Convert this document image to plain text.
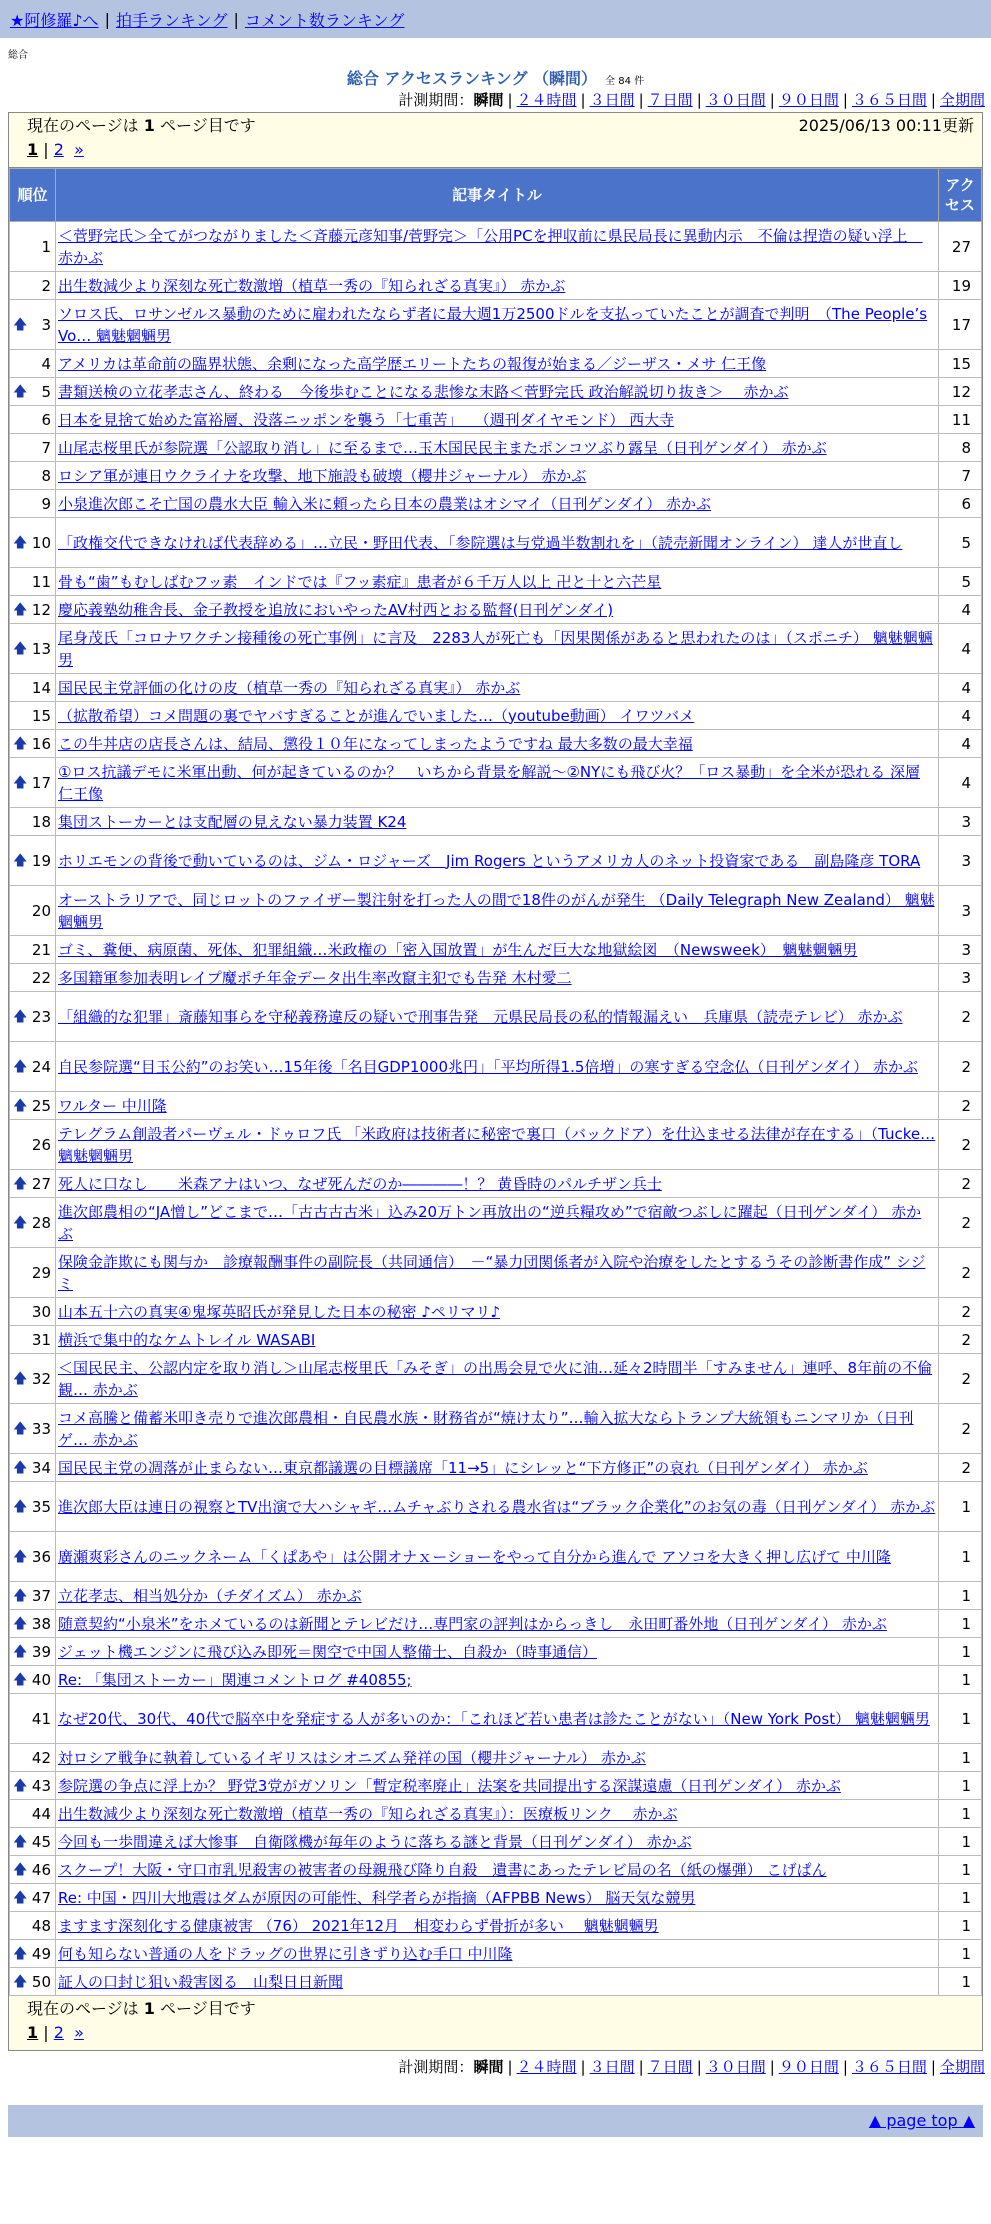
★阿修羅♪へ | 拍手ランキング | コメント数ランキング
総合
総合 アクセスランキング （瞬間） 全 84 件
計測期間：瞬間 | ２４時間 | ３日間 | ７日間 | ３０日間 | ９０日間 | ３６５日間 | 全期間
現在のページは 1 ページ目です	2025/06/13 00:11更新
1 | 2 »
順位	記事タイトル	アクセス
1	＜菅野完氏＞全てがつながりました＜斉藤元彦知事/菅野完＞「公用PCを押収前に県民局長に異動内示　不倫は捏造の疑い浮上　赤かぶ	27
2	出生数減少より深刻な死亡数激増（植草一秀の『知られざる真実』） 赤かぶ	19

🡅 3	ソロス氏、ロサンゼルス暴動のために雇われたならず者に最大週1万2500ドルを支払っていたことが調査で判明　（The People’s Vo… 魑魅魍魎男	17
4	アメリカは革命前の臨界状態、余剰になった高学歴エリートたちの報復が始まる／ジーザス・メサ 仁王像	15

🡅 5	書類送検の立花孝志さん、終わる　今後歩むことになる悲惨な末路＜菅野完氏 政治解説切り抜き＞　 赤かぶ	12
6	日本を見捨て始めた富裕層、没落ニッポンを襲う「七重苦」　 （週刊ダイヤモンド） 西大寺	11
7	山尾志桜里氏が参院選「公認取り消し」に至るまで…玉木国民民主またポンコツぶり露呈（日刊ゲンダイ） 赤かぶ	8
8	ロシア軍が連日ウクライナを攻撃、地下施設も破壊（櫻井ジャーナル） 赤かぶ	7
9	小泉進次郎こそ亡国の農水大臣 輸入米に頼ったら日本の農業はオシマイ（日刊ゲンダイ） 赤かぶ	6

🡅 10	「政権交代できなければ代表辞める」…立民・野田代表、「参院選は与党過半数割れを」（読売新聞オンライン） 達人が世直し	5
11	骨も“歯”もむしばむフッ素　インドでは『フッ素症』患者が６千万人以上 卍と十と六芒星	5

🡅 12	慶応義塾幼稚舎長、金子教授を追放においやったAV村西とおる監督(日刊ゲンダイ)	4

🡅 13	尾身茂氏「コロナワクチン接種後の死亡事例」に言及　2283人が死亡も「因果関係があると思われたのは」（スポニチ） 魑魅魍魎男	4
14	国民民主党評価の化けの皮（植草一秀の『知られざる真実』） 赤かぶ	4
15	（拡散希望）コメ問題の裏でヤバすぎることが進んでいました…（youtube動画） イワツバメ	4

🡅 16	この牛丼店の店長さんは、結局、懲役１０年になってしまったようですね 最大多数の最大幸福	4

🡅 17	①ロス抗議デモに米軍出動、何が起きているのか？　いちから背景を解説～②NYにも飛び火？「ロス暴動」を全米が恐れる 深層 仁王像	4
18	集団ストーカーとは支配層の見えない暴力装置 K24	3

🡅 19	ホリエモンの背後で動いているのは、ジム・ロジャーズ　Jim Rogers というアメリカ人のネット投資家である　副島隆彦 TORA	3
20	オーストラリアで、同じロットのファイザー製注射を打った人の間で18件のがんが発生 （Daily Telegraph New Zealand） 魑魅魍魎男	3
21	ゴミ、糞便、病原菌、死体、犯罪組織…米政権の「密入国放置」が生んだ巨大な地獄絵図　（Newsweek）　魑魅魍魎男	3
22	多国籍軍参加表明レイプ魔ポチ年金データ出生率改竄主犯でも告発 木村愛二	3

🡅 23	「組織的な犯罪」斎藤知事らを守秘義務違反の疑いで刑事告発　元県民局長の私的情報漏えい　兵庫県（読売テレビ） 赤かぶ	2

🡅 24	自民参院選“目玉公約”のお笑い…15年後「名目GDP1000兆円」「平均所得1.5倍増」の寒すぎる空念仏（日刊ゲンダイ） 赤かぶ	2

🡅 25	ワルター 中川隆	2
26	テレグラム創設者パーヴェル・ドゥロフ氏 「米政府は技術者に秘密で裏口（バックドア）を仕込ませる法律が存在する」（Tucke… 魑魅魍魎男	2

🡅 27	死人に口なし　　米森アナはいつ、なぜ死んだのか――――！？ 黄昏時のパルチザン兵士	2

🡅 28	進次郎農相の“JA憎し”どこまで…「古古古古米」込み20万トン再放出の“逆兵糧攻め”で宿敵つぶしに躍起（日刊ゲンダイ） 赤かぶ	2
29	保険金詐欺にも関与か　診療報酬事件の副院長（共同通信）　－“暴力団関係者が入院や治療をしたとするうその診断書作成” シジミ	2
30	山本五十六の真実④鬼塚英昭氏が発見した日本の秘密 ♪ペリマリ♪	2
31	横浜で集中的なケムトレイル WASABI	2

🡅 32	＜国民民主、公認内定を取り消し＞山尾志桜里氏「みそぎ」の出馬会見で火に油…延々2時間半「すみません」連呼、8年前の不倫観… 赤かぶ	2

🡅 33	コメ高騰と備蓄米叩き売りで進次郎農相・自民農水族・財務省が“焼け太り”…輸入拡大ならトランプ大統領もニンマリか（日刊ゲ… 赤かぶ	2

🡅 34	国民民主党の凋落が止まらない…東京都議選の目標議席「11→5」にシレッと“下方修正”の哀れ（日刊ゲンダイ） 赤かぶ	2

🡅 35	進次郎大臣は連日の視察とTV出演で大ハシャギ…ムチャぶりされる農水省は“ブラック企業化”のお気の毒（日刊ゲンダイ） 赤かぶ	1

🡅 36	廣瀬爽彩さんのニックネーム「くぱあや」は公開オナｘーショーをやって自分から進んで アソコを大きく押し広げて 中川隆	1

🡅 37	立花孝志、相当処分か（チダイズム） 赤かぶ	1

🡅 38	随意契約“小泉米”をホメているのは新聞とテレビだけ…専門家の評判はからっきし　永田町番外地（日刊ゲンダイ） 赤かぶ	1

🡅 39	ジェット機エンジンに飛び込み即死＝関空で中国人整備士、自殺か（時事通信）	1

🡅 40	Re: 「集団ストーカー」関連コメントログ #40855;	1
41	なぜ20代、30代、40代で脳卒中を発症する人が多いのか：「これほど若い患者は診たことがない」（New York Post） 魑魅魍魎男	1
42	対ロシア戦争に執着しているイギリスはシオニズム発祥の国（櫻井ジャーナル） 赤かぶ	1

🡅 43	参院選の争点に浮上か？ 野党3党がガソリン「暫定税率廃止」法案を共同提出する深謀遠慮（日刊ゲンダイ） 赤かぶ	1
44	出生数減少より深刻な死亡数激増（植草一秀の『知られざる真実』）：医療板リンク　 赤かぶ	1

🡅 45	今回も一歩間違えば大惨事　自衛隊機が毎年のように落ちる謎と背景（日刊ゲンダイ） 赤かぶ	1

🡅 46	スクープ！大阪・守口市乳児殺害の被害者の母親飛び降り自殺　遺書にあったテレビ局の名（紙の爆弾） こげぱん	1

🡅 47	Re: 中国・四川大地震はダムが原因の可能性、科学者らが指摘（AFPBB News） 脳天気な競男	1
48	ますます深刻化する健康被害 （76） 2021年12月　相変わらず骨折が多い　 魑魅魍魎男	1

🡅 49	何も知らない普通の人をドラッグの世界に引きずり込む手口 中川隆	1

🡅 50	証人の口封じ狙い殺害図る　山梨日日新聞	1
現在のページは 1 ページ目です
1 | 2 »
計測期間：瞬間 | ２４時間 | ３日間 | ７日間 | ３０日間 | ９０日間 | ３６５日間 | 全期間
▲ page top ▲
